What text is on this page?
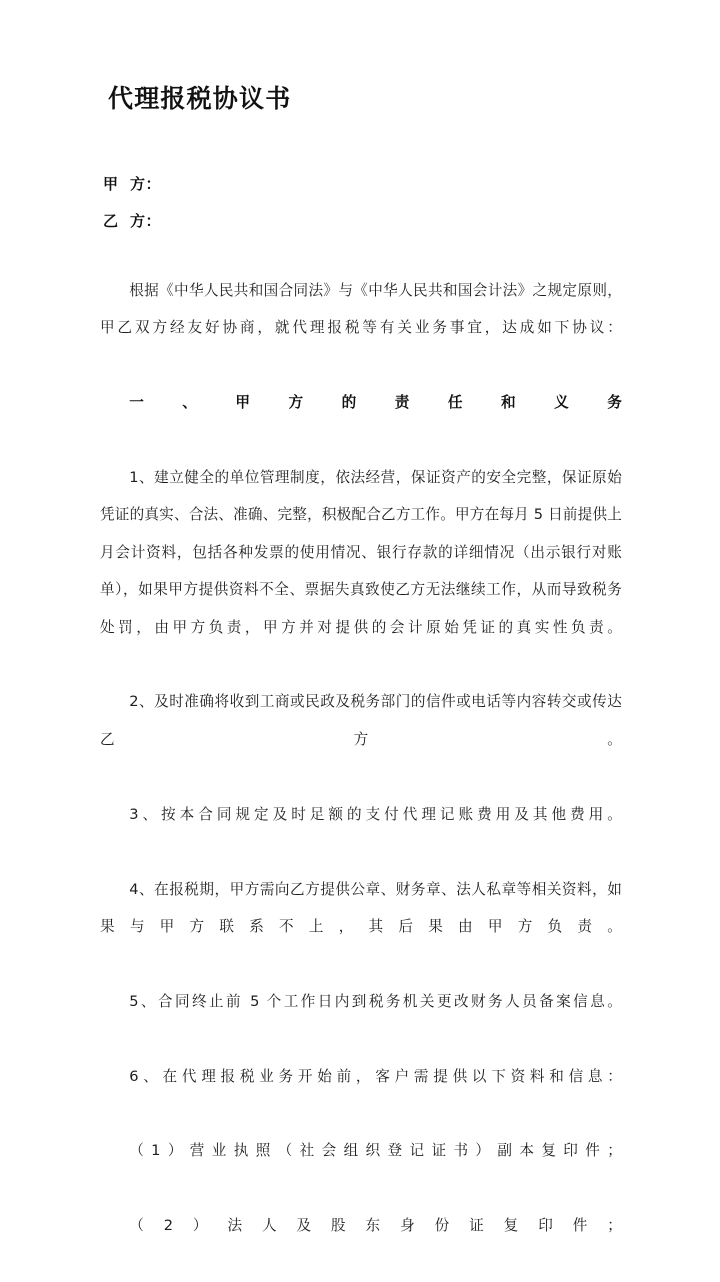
代理报税协议书
甲  方：
乙  方：

根据《中华人民共和国合同法》与《中华人民共和国会计法》之规定原则，甲乙双方经友好协商，就代理报税等有关业务事宜，达成如下协议：

一、甲方的责任和义务

1、建立健全的单位管理制度，依法经营，保证资产的安全完整，保证原始凭证的真实、合法、准确、完整，积极配合乙方工作。甲方在每月 5 日前提供上月会计资料，包括各种发票的使用情况、银行存款的详细情况（出示银行对账单），如果甲方提供资料不全、票据失真致使乙方无法继续工作，从而导致税务处罚，由甲方负责，甲方并对提供的会计原始凭证的真实性负责。

2、及时准确将收到工商或民政及税务部门的信件或电话等内容转交或传达乙方。

3、按本合同规定及时足额的支付代理记账费用及其他费用。

4、在报税期，甲方需向乙方提供公章、财务章、法人私章等相关资料，如果与甲方联系不上，其后果由甲方负责。

5、合同终止前 5 个工作日内到税务机关更改财务人员备案信息。

6、在代理报税业务开始前，客户需提供以下资料和信息：

（1）营业执照（社会组织登记证书）副本复印件；

（2）法人及股东身份证复印件；
